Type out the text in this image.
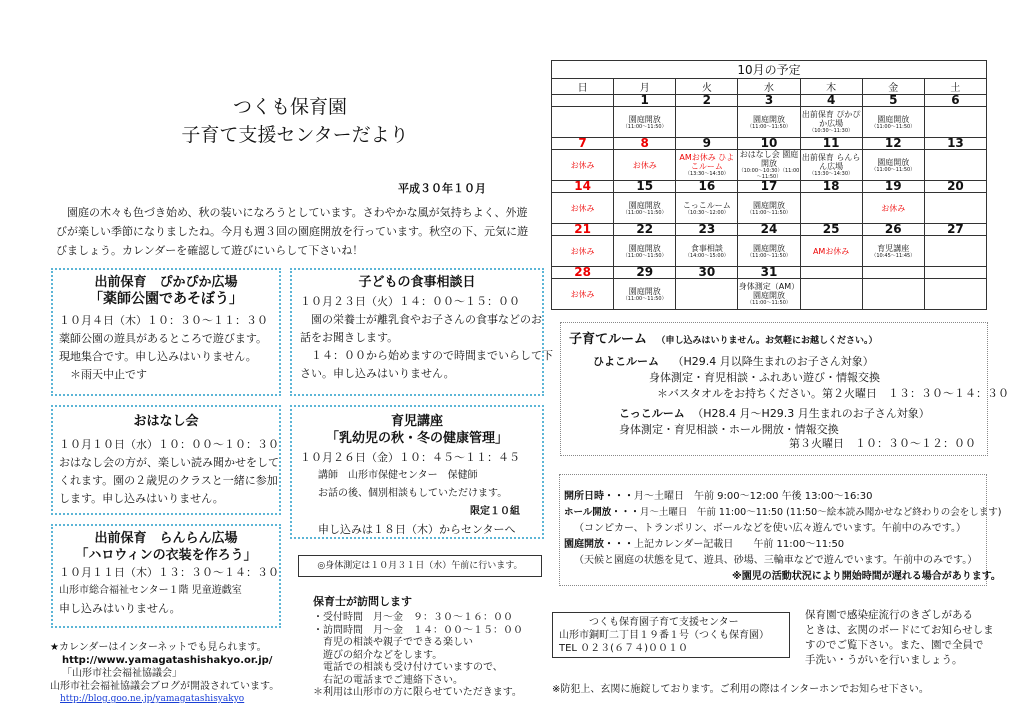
つくも保育園
子育て支援センターだより
平成３０年１０月

園庭の木々も色づき始め、秋の装いになろうとしています。さわやかな風が気持ちよく、外遊

びが楽しい季節になりましたね。今月も週３回の園庭開放を行っています。秋空の下、元気に遊
びましょう。カレンダーを確認して遊びにいらして下さいね！
出前保育　ぴかぴか広場
「薬師公園であそぼう」
１０月４日（木）１０：３０～１１：３０
薬師公園の遊具があるところで遊びます。
現地集合です。申し込みはいりません。
　＊雨天中止です
子どもの食事相談日
１０月２３日（火）１４：００～１５：００
　園の栄養士が離乳食やお子さんの食事などのお
話をお聞きします。
　１４：００から始めますので時間までいらして下
さい。申し込みはいりません。
おはなし会
１０月１０日（水）１０：００～１０：３０
おはなし会の方が、楽しい読み聞かせをして
くれます。園の２歳児のクラスと一緒に参加
します。申し込みはいりません。
育児講座
「乳幼児の秋・冬の健康管理」
１０月２６日（金）１０：４５～１１：４５
講師　山形市保健センター　保健師
お話の後、個別相談もしていただけます。
限定１０組
申し込みは１８日（木）からセンターへ
出前保育　らんらん広場
「ハロウィンの衣装を作ろう」
１０月１１日（木）１３：３０～１４：３０
山形市総合福祉センター１階 児童遊戯室
申し込みはいりません。
◎身体測定は１０月３１日（水）午前に行います。
保育士が訪問します
・受付時間　月～金　９：３０～１６：００
・訪問時間　月～金　１４：００～１５：００
　育児の相談や親子でできる楽しい
　遊びの紹介などをします。
　電話での相談も受け付けていますので、
　右記の電話までご連絡下さい。
＊利用は山形市の方に限らせていただきます。
★カレンダーはインターネットでも見られます。
http://www.yamagatashishakyo.or.jp/
「山形市社会福祉協議会」
山形市社会福祉協議会ブログが開設されています。
http://blog.goo.ne.jp/yamagatashisyakyo
つくも保育園子育て支援センター
山形市銅町二丁目１９番１号（つくも保育園）
TEL ０２３(６７４)００１０
保育園で感染症流行のきざしがある
ときは、玄関のボードにてお知らせしま
すのでご覧下さい。また、園で全員で
手洗い・うがいを行いましょう。
※防犯上、玄関に施錠しております。ご利用の際はインターホンでお知らせ下さい。
10月の予定						
日	月	火	水	木	金	土
	1	2	3	4	5	6

	園庭開放
（11:00～11:50）		園庭開放
（11:00～11:50）	出前保育 ぴかぴか広場
（10:30～11:30）	園庭開放
（11:00～11:50）	

7	8	9	10	11	12	13
お休み	お休み	AMお休み ひよこルーム
（13:30～14:30）	おはなし会 園庭開放
（10:00～10:30）（11:00～11:50）	出前保育 らんらん広場
（13:30～14:30）	園庭開放
（11:00～11:50）	

14	15	16	17	18	19	20
お休み	園庭開放
（11:00～11:50）	こっこルーム
（10:30～12:00）	園庭開放
（11:00～11:50）		お休み

21	22	23	24	25	26	27
お休み	園庭開放
（11:00～11:50）	食事相談
（14:00～15:00）	園庭開放
（11:00～11:50）	AMお休み	育児講座
（10:45～11:45）	

28	29	30	31			
お休み	園庭開放
（11:00～11:50）		身体測定（AM） 園庭開放
（11:00～11:50）			

子育てルーム （申し込みはいりません。お気軽にお越しください。）
ひよこルーム （H29.4 月以降生まれのお子さん対象）
身体測定・育児相談・ふれあい遊び・情報交換
＊バスタオルをお持ちください。第２火曜日　１３：３０～１４：３０
こっこルーム （H28.4 月～H29.3 月生まれのお子さん対象）
身体測定・育児相談・ホール開放・情報交換
第３火曜日　１０：３０～１２：００
開所日時・・・月～土曜日　午前 9:00～12:00 午後 13:00～16:30
ホール開放・・・月～土曜日　午前 11:00～11:50 (11:50～絵本読み聞かせなど終わりの会をします)
（コンピカー、トランポリン、ボールなどを使い広々遊んでいます。午前中のみです。）
園庭開放・・・上記カレンダー記載日　　午前 11:00～11:50
（天候と園庭の状態を見て、遊具、砂場、三輪車などで遊んでいます。午前中のみです。）
※園児の活動状況により開始時間が遅れる場合があります。
